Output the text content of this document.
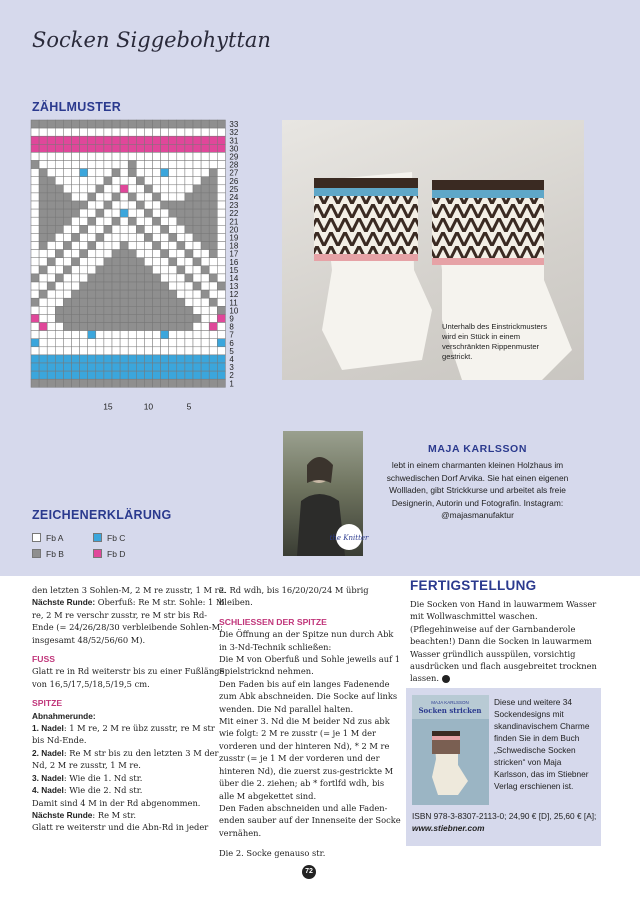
Socken Siggebohyttan
ZÄHLMUSTER
33
32
31
30
29
28
27
26
25
24
23
22
21
20
19
18
17
16
15
14
13
12
11
10
9
8
7
6
5
4
3
2
1
15	10	5
ZEICHENERKLÄRUNG
Fb A	Fb C
Fb B	Fb D
Unterhalb des Einstrickmusters wird ein Stück in einem verschränkten Rippenmuster gestrickt.
the Knitter
MAJA KARLSSON
lebt in einem charmanten kleinen Holzhaus im schwedischen Dorf Arvika. Sie hat einen eigenen Wollladen, gibt Strickkurse und arbeitet als freie Designerin, Autorin und Fotografin. Instagram: @majasmanufaktur

den letzten 3 Sohlen-M, 2 M re zusstr, 1 M re.

Nächste Runde: Oberfuß: Re M str. Sohle: 1 M re, 2 M re verschr zusstr, re M str bis Rd-Ende (= 24/26/28/30 verbleibende Sohlen-M; insgesamt 48/52/56/60 M).

FUSS

Glatt re in Rd weiterstr bis zu einer Fußlänge von 16,5/17,5/18,5/19,5 cm.

SPITZE

Abnahmerunde:

1. Nadel: 1 M re, 2 M re übz zusstr, re M str bis Nd-Ende.

2. Nadel: Re M str bis zu den letzten 3 M der Nd, 2 M re zusstr, 1 M re.

3. Nadel: Wie die 1. Nd str.

4. Nadel: Wie die 2. Nd str.

Damit sind 4 M in der Rd abgenommen.

Nächste Runde: Re M str.

Glatt re weiterstr und die Abn-Rd in jeder

2. Rd wdh, bis 16/20/20/24 M übrig bleiben.

SCHLIESSEN DER SPITZE

Die Öffnung an der Spitze nun durch Abk in 3-Nd-Technik schließen:

Die M von Oberfuß und Sohle jeweils auf 1 Spielstricknd nehmen.

Den Faden bis auf ein langes Fadenende zum Abk abschneiden. Die Socke auf links wenden. Die Nd parallel halten.

Mit einer 3. Nd die M beider Nd zus abk wie folgt: 2 M re zusstr (= je 1 M der vorderen und der hinteren Nd), * 2 M re zusstr (= je 1 M der vorderen und der hinteren Nd), die zuerst zus-gestrickte M über die 2. ziehen; ab * fortlfd wdh, bis alle M abgekettet sind.

Den Faden abschneiden und alle Fadenenden sauber auf der Innenseite der Socke vernähen.

Die 2. Socke genauso str.

FERTIGSTELLUNG
Die Socken von Hand in lauwarmem Wasser mit Wollwaschmittel waschen. (Pflegehinweise auf der Garnbanderole beachten!) Dann die Socken in lauwarmem Wasser gründlich ausspülen, vorsichtig ausdrücken und flach ausgebreitet trocknen lassen.
MAJA KARLSSON
Socken stricken
Diese und weitere 34 Sockendesigns mit skandinavischem Charme finden Sie in dem Buch „Schwedische Socken stricken“ von Maja Karlsson, das im Stiebner Verlag erschienen ist.
ISBN 978-3-8307-2113-0; 24,90 € [D], 25,60 € [A]; www.stiebner.com
72
